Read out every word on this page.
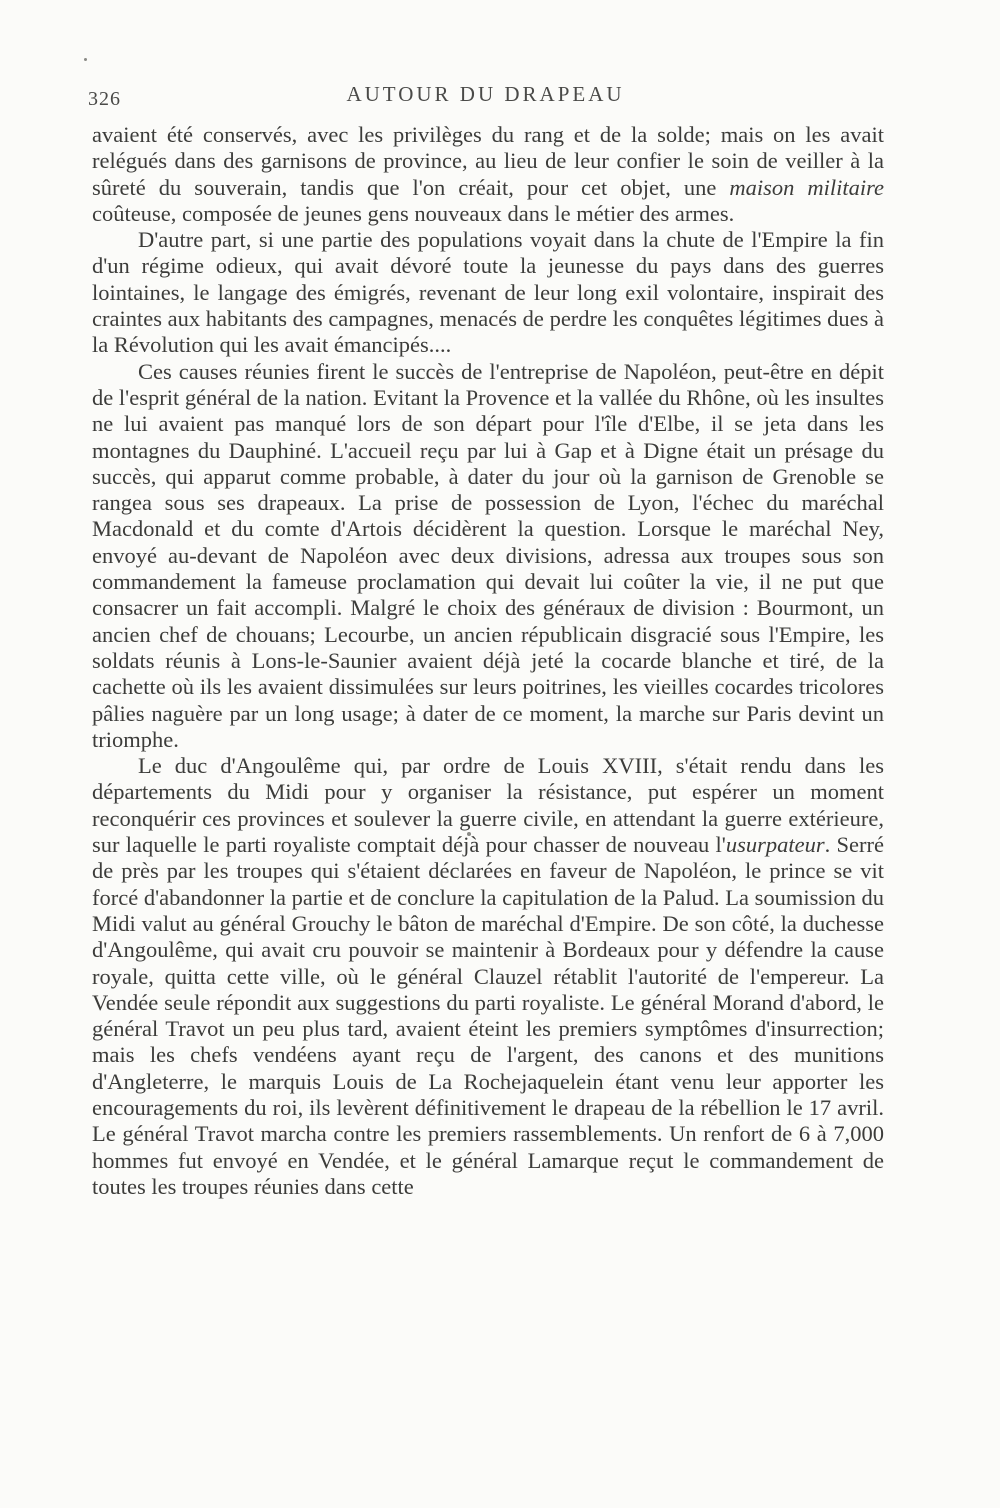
326	AUTOUR DU DRAPEAU

avaient été conservés, avec les privilèges du rang et de la solde; mais on les avait relégués dans des garnisons de province, au lieu de leur confier le soin de veiller à la sûreté du souverain, tandis que l'on créait, pour cet objet, une maison militaire coûteuse, composée de jeunes gens nouveaux dans le métier des armes.

D'autre part, si une partie des populations voyait dans la chute de l'Empire la fin d'un régime odieux, qui avait dévoré toute la jeunesse du pays dans des guerres lointaines, le langage des émigrés, revenant de leur long exil volontaire, inspirait des craintes aux habitants des campagnes, menacés de perdre les conquêtes légitimes dues à la Révolution qui les avait émancipés....

Ces causes réunies firent le succès de l'entreprise de Napoléon, peut-être en dépit de l'esprit général de la nation. Evitant la Provence et la vallée du Rhône, où les insultes ne lui avaient pas manqué lors de son départ pour l'île d'Elbe, il se jeta dans les montagnes du Dauphiné. L'accueil reçu par lui à Gap et à Digne était un présage du succès, qui apparut comme probable, à dater du jour où la garnison de Grenoble se rangea sous ses drapeaux. La prise de possession de Lyon, l'échec du maréchal Macdonald et du comte d'Artois décidèrent la question. Lorsque le maréchal Ney, envoyé au-devant de Napoléon avec deux divisions, adressa aux troupes sous son commandement la fameuse proclamation qui devait lui coûter la vie, il ne put que consacrer un fait accompli. Malgré le choix des généraux de division : Bourmont, un ancien chef de chouans; Lecourbe, un ancien républicain disgracié sous l'Empire, les soldats réunis à Lons-le-Saunier avaient déjà jeté la cocarde blanche et tiré, de la cachette où ils les avaient dissimulées sur leurs poitrines, les vieilles cocardes tricolores pâlies naguère par un long usage; à dater de ce moment, la marche sur Paris devint un triomphe.

Le duc d'Angoulême qui, par ordre de Louis XVIII, s'était rendu dans les départements du Midi pour y organiser la résistance, put espérer un moment reconquérir ces provinces et soulever la guerre civile, en attendant la guerre extérieure, sur laquelle le parti royaliste comptait déjà pour chasser de nouveau l'usurpateur. Serré de près par les troupes qui s'étaient déclarées en faveur de Napoléon, le prince se vit forcé d'abandonner la partie et de conclure la capitulation de la Palud. La soumission du Midi valut au général Grouchy le bâton de maréchal d'Empire. De son côté, la duchesse d'Angoulême, qui avait cru pouvoir se maintenir à Bordeaux pour y défendre la cause royale, quitta cette ville, où le général Clauzel rétablit l'autorité de l'empereur. La Vendée seule répondit aux suggestions du parti royaliste. Le général Morand d'abord, le général Travot un peu plus tard, avaient éteint les premiers symptômes d'insurrection; mais les chefs vendéens ayant reçu de l'argent, des canons et des munitions d'Angleterre, le marquis Louis de La Rochejaquelein étant venu leur apporter les encouragements du roi, ils levèrent définitivement le drapeau de la rébellion le 17 avril. Le général Travot marcha contre les premiers rassemblements. Un renfort de 6 à 7,000 hommes fut envoyé en Vendée, et le général Lamarque reçut le commandement de toutes les troupes réunies dans cette
